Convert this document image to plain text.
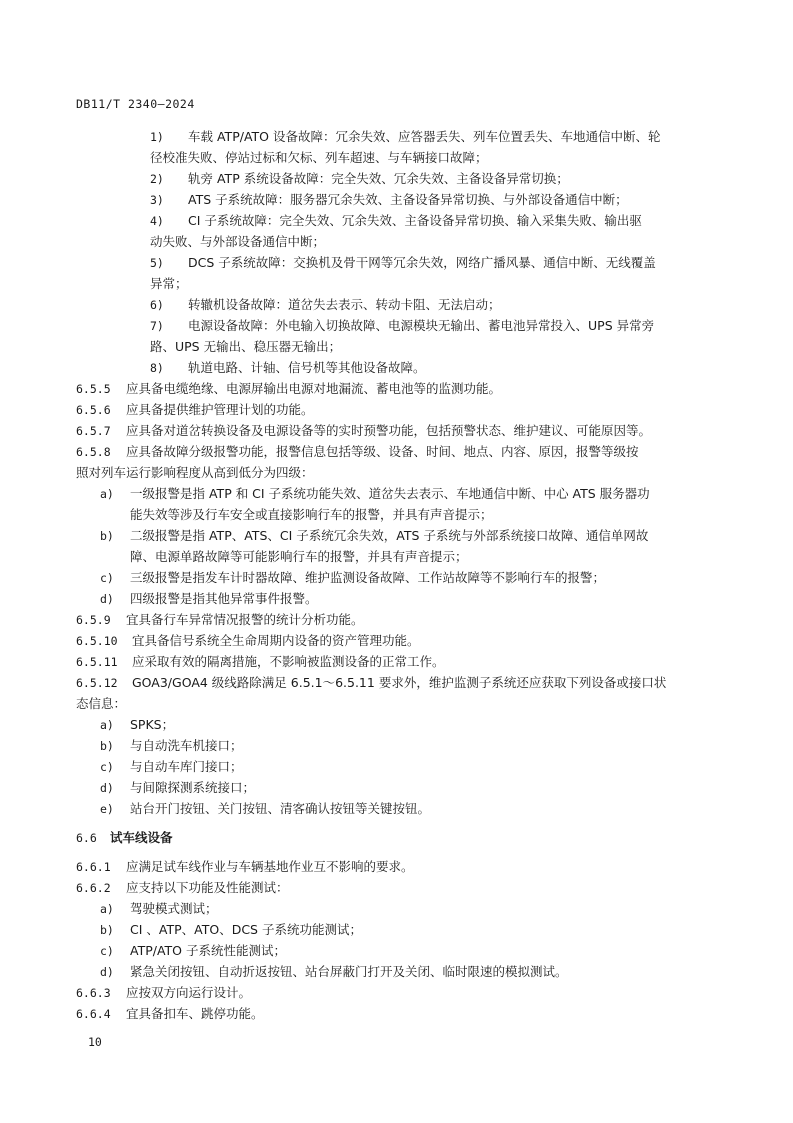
DB11/T 2340—2024
1) 车载 ATP/ATO 设备故障：冗余失效、应答器丢失、列车位置丢失、车地通信中断、轮
径校准失败、停站过标和欠标、列车超速、与车辆接口故障；
2) 轨旁 ATP 系统设备故障：完全失效、冗余失效、主备设备异常切换；
3) ATS 子系统故障：服务器冗余失效、主备设备异常切换、与外部设备通信中断；
4) CI 子系统故障：完全失效、冗余失效、主备设备异常切换、输入采集失败、输出驱
动失败、与外部设备通信中断；
5) DCS 子系统故障：交换机及骨干网等冗余失效，网络广播风暴、通信中断、无线覆盖
异常；
6) 转辙机设备故障：道岔失去表示、转动卡阻、无法启动；
7) 电源设备故障：外电输入切换故障、电源模块无输出、蓄电池异常投入、UPS 异常旁
路、UPS 无输出、稳压器无输出；
8) 轨道电路、计轴、信号机等其他设备故障。
6.5.5 应具备电缆绝缘、电源屏输出电源对地漏流、蓄电池等的监测功能。
6.5.6 应具备提供维护管理计划的功能。
6.5.7 应具备对道岔转换设备及电源设备等的实时预警功能，包括预警状态、维护建议、可能原因等。
6.5.8 应具备故障分级报警功能，报警信息包括等级、设备、时间、地点、内容、原因，报警等级按
照对列车运行影响程度从高到低分为四级：
a) 一级报警是指 ATP 和 CI 子系统功能失效、道岔失去表示、车地通信中断、中心 ATS 服务器功
能失效等涉及行车安全或直接影响行车的报警，并具有声音提示；
b) 二级报警是指 ATP、ATS、CI 子系统冗余失效，ATS 子系统与外部系统接口故障、通信单网故
障、电源单路故障等可能影响行车的报警，并具有声音提示；
c) 三级报警是指发车计时器故障、维护监测设备故障、工作站故障等不影响行车的报警；
d) 四级报警是指其他异常事件报警。
6.5.9 宜具备行车异常情况报警的统计分析功能。
6.5.10 宜具备信号系统全生命周期内设备的资产管理功能。
6.5.11 应采取有效的隔离措施，不影响被监测设备的正常工作。
6.5.12 GOA3/GOA4 级线路除满足 6.5.1～6.5.11 要求外，维护监测子系统还应获取下列设备或接口状
态信息：
a) SPKS；
b) 与自动洗车机接口；
c) 与自动车库门接口；
d) 与间隙探测系统接口；
e) 站台开门按钮、关门按钮、清客确认按钮等关键按钮。
6.6 试车线设备
6.6.1 应满足试车线作业与车辆基地作业互不影响的要求。
6.6.2 应支持以下功能及性能测试：
a) 驾驶模式测试；
b) CI 、ATP、ATO、DCS 子系统功能测试；
c) ATP/ATO 子系统性能测试；
d) 紧急关闭按钮、自动折返按钮、站台屏蔽门打开及关闭、临时限速的模拟测试。
6.6.3 应按双方向运行设计。
6.6.4 宜具备扣车、跳停功能。
10
